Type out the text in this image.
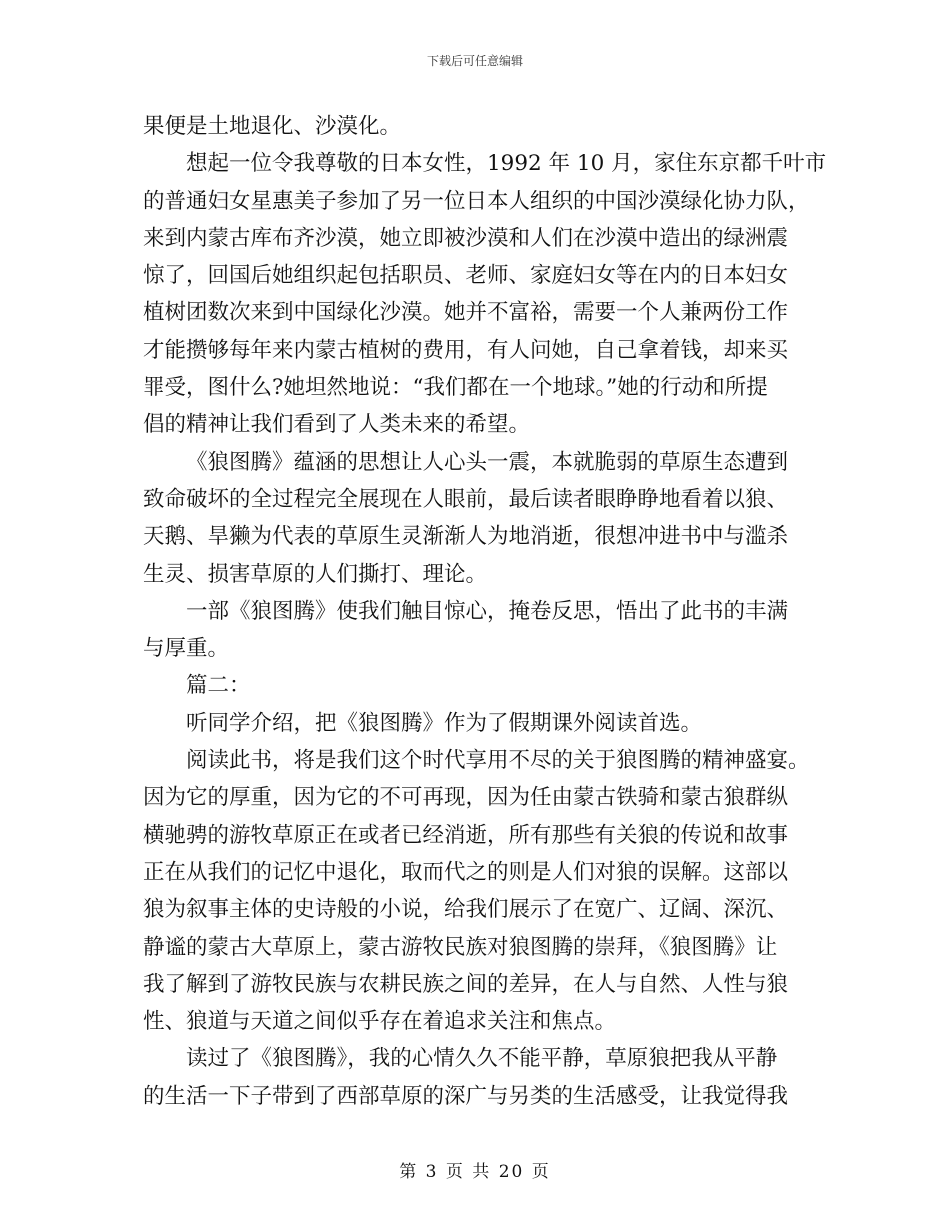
下载后可任意编辑
果便是土地退化、沙漠化。
想起一位令我尊敬的日本女性，1992 年 10 月，家住东京都千叶市
的普通妇女星惠美子参加了另一位日本人组织的中国沙漠绿化协力队，
来到内蒙古库布齐沙漠，她立即被沙漠和人们在沙漠中造出的绿洲震
惊了，回国后她组织起包括职员、老师、家庭妇女等在内的日本妇女
植树团数次来到中国绿化沙漠。她并不富裕，需要一个人兼两份工作
才能攒够每年来内蒙古植树的费用，有人问她，自己拿着钱，却来买
罪受，图什么?她坦然地说：“我们都在一个地球。”她的行动和所提
倡的精神让我们看到了人类未来的希望。
《狼图腾》蕴涵的思想让人心头一震，本就脆弱的草原生态遭到
致命破坏的全过程完全展现在人眼前，最后读者眼睁睁地看着以狼、
天鹅、旱獭为代表的草原生灵渐渐人为地消逝，很想冲进书中与滥杀
生灵、损害草原的人们撕打、理论。
一部《狼图腾》使我们触目惊心，掩卷反思，悟出了此书的丰满
与厚重。
篇二：
听同学介绍，把《狼图腾》作为了假期课外阅读首选。
阅读此书，将是我们这个时代享用不尽的关于狼图腾的精神盛宴。
因为它的厚重，因为它的不可再现，因为任由蒙古铁骑和蒙古狼群纵
横驰骋的游牧草原正在或者已经消逝，所有那些有关狼的传说和故事
正在从我们的记忆中退化，取而代之的则是人们对狼的误解。这部以
狼为叙事主体的史诗般的小说，给我们展示了在宽广、辽阔、深沉、
静谧的蒙古大草原上，蒙古游牧民族对狼图腾的崇拜，《狼图腾》让
我了解到了游牧民族与农耕民族之间的差异，在人与自然、人性与狼
性、狼道与天道之间似乎存在着追求关注和焦点。
读过了《狼图腾》，我的心情久久不能平静，草原狼把我从平静
的生活一下子带到了西部草原的深广与另类的生活感受，让我觉得我
第 3 页 共 20 页
